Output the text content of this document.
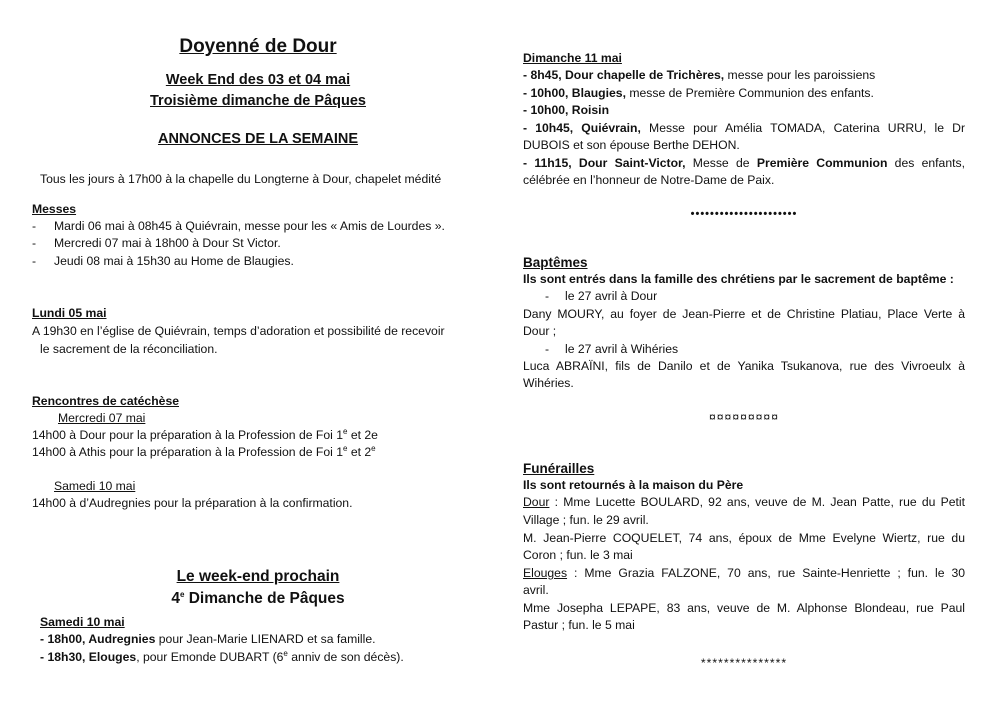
Doyenné de Dour
Week End des 03 et 04 mai
Troisième dimanche de Pâques
ANNONCES DE LA SEMAINE
Tous les jours à 17h00 à la chapelle du Longterne à Dour, chapelet médité
Messes
- Mardi 06 mai à 08h45 à Quiévrain, messe pour les « Amis de Lourdes ».
- Mercredi 07 mai à 18h00 à Dour St Victor.
- Jeudi 08 mai à 15h30 au Home de Blaugies.
Lundi 05 mai
A 19h30 en l’église de Quiévrain, temps d’adoration et possibilité de recevoir
le sacrement de la réconciliation.
Rencontres de catéchèse
Mercredi 07 mai
14h00 à Dour pour la préparation à la Profession de Foi 1e et 2e
14h00 à Athis pour la préparation à la Profession de Foi 1e et 2e
Samedi 10 mai
14h00 à d’Audregnies pour la préparation à la confirmation.
Le week-end prochain
4e Dimanche de Pâques
Samedi 10 mai
- 18h00, Audregnies pour Jean-Marie LIENARD et sa famille.
- 18h30, Elouges, pour Emonde DUBART (6e anniv de son décès).
Dimanche 11 mai
- 8h45, Dour chapelle de Trichères, messe pour les paroissiens
- 10h00, Blaugies, messe de Première Communion des enfants.
- 10h00, Roisin
- 10h45, Quiévrain, Messe pour Amélia TOMADA, Caterina URRU, le Dr
DUBOIS et son épouse Berthe DEHON.
- 11h15, Dour Saint-Victor, Messe de Première Communion des enfants,
célébrée en l’honneur de Notre-Dame de Paix.
••••••••••••••••••••••
Baptêmes
Ils sont entrés dans la famille des chrétiens par le sacrement de baptême :
- le 27 avril à Dour
Dany MOURY, au foyer de Jean-Pierre et de Christine Platiau, Place Verte à
Dour ;
- le 27 avril à Wihéries
Luca ABRAÏNI, fils de Danilo et de Yanika Tsukanova, rue des Vivroeulx à
Wihéries.
¤¤¤¤¤¤¤¤¤
Funérailles
Ils sont retournés à la maison du Père
Dour : Mme Lucette BOULARD, 92 ans, veuve de M. Jean Patte, rue du Petit
Village ; fun. le 29 avril.
M. Jean-Pierre COQUELET, 74 ans, époux de Mme Evelyne Wiertz, rue du
Coron ; fun. le 3 mai
Elouges : Mme Grazia FALZONE, 70 ans, rue Sainte-Henriette ; fun. le 30
avril.
Mme Josepha LEPAPE, 83 ans, veuve de M. Alphonse Blondeau, rue Paul
Pastur ; fun. le 5 mai
***************
